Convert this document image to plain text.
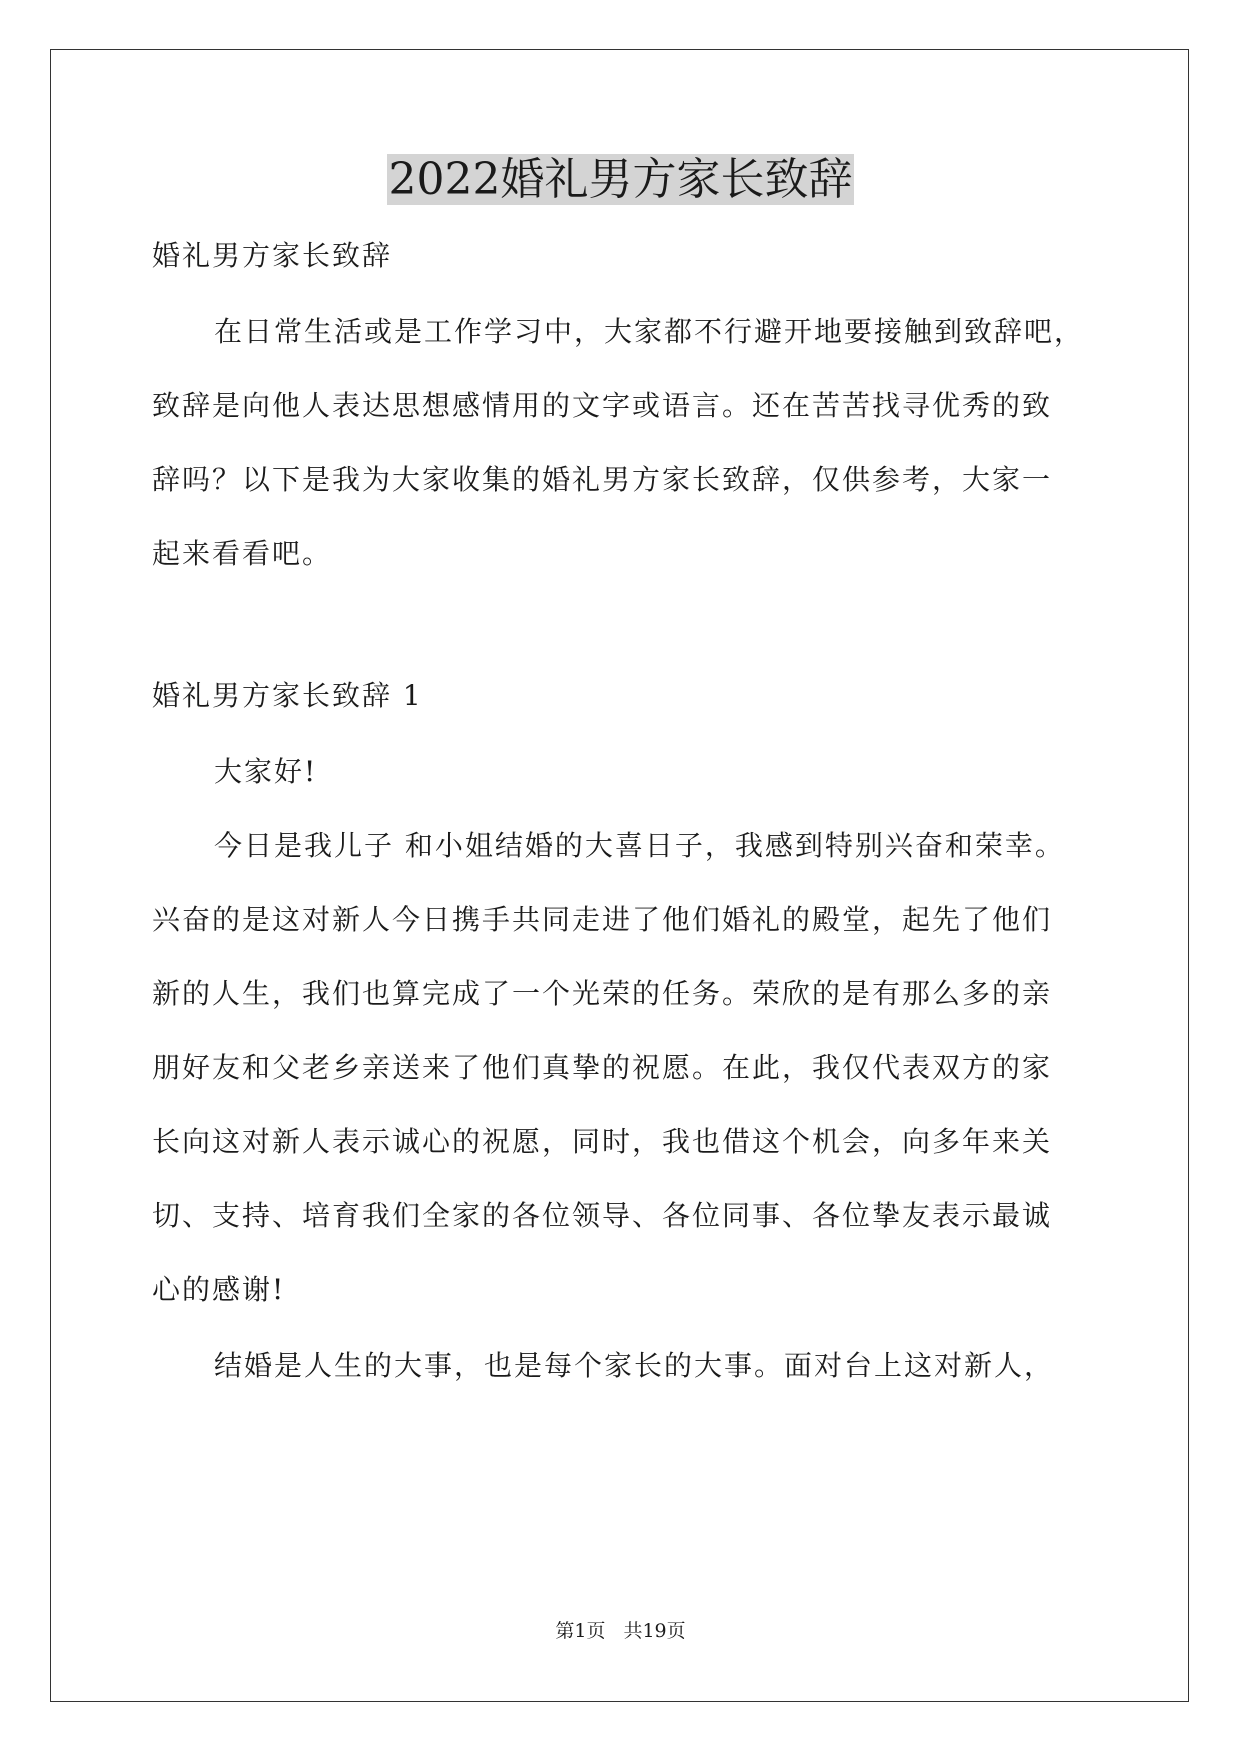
2022婚礼男方家长致辞
婚礼男方家长致辞
在日常生活或是工作学习中，大家都不行避开地要接触到致辞吧，
致辞是向他人表达思想感情用的文字或语言。还在苦苦找寻优秀的致
辞吗？以下是我为大家收集的婚礼男方家长致辞，仅供参考，大家一
起来看看吧。
婚礼男方家长致辞 1
大家好!
今日是我儿子 和小姐结婚的大喜日子，我感到特别兴奋和荣幸。
兴奋的是这对新人今日携手共同走进了他们婚礼的殿堂，起先了他们
新的人生，我们也算完成了一个光荣的任务。荣欣的是有那么多的亲
朋好友和父老乡亲送来了他们真挚的祝愿。在此，我仅代表双方的家
长向这对新人表示诚心的祝愿，同时，我也借这个机会，向多年来关
切、支持、培育我们全家的各位领导、各位同事、各位挚友表示最诚
心的感谢!
结婚是人生的大事，也是每个家长的大事。面对台上这对新人，
第1页 共19页
